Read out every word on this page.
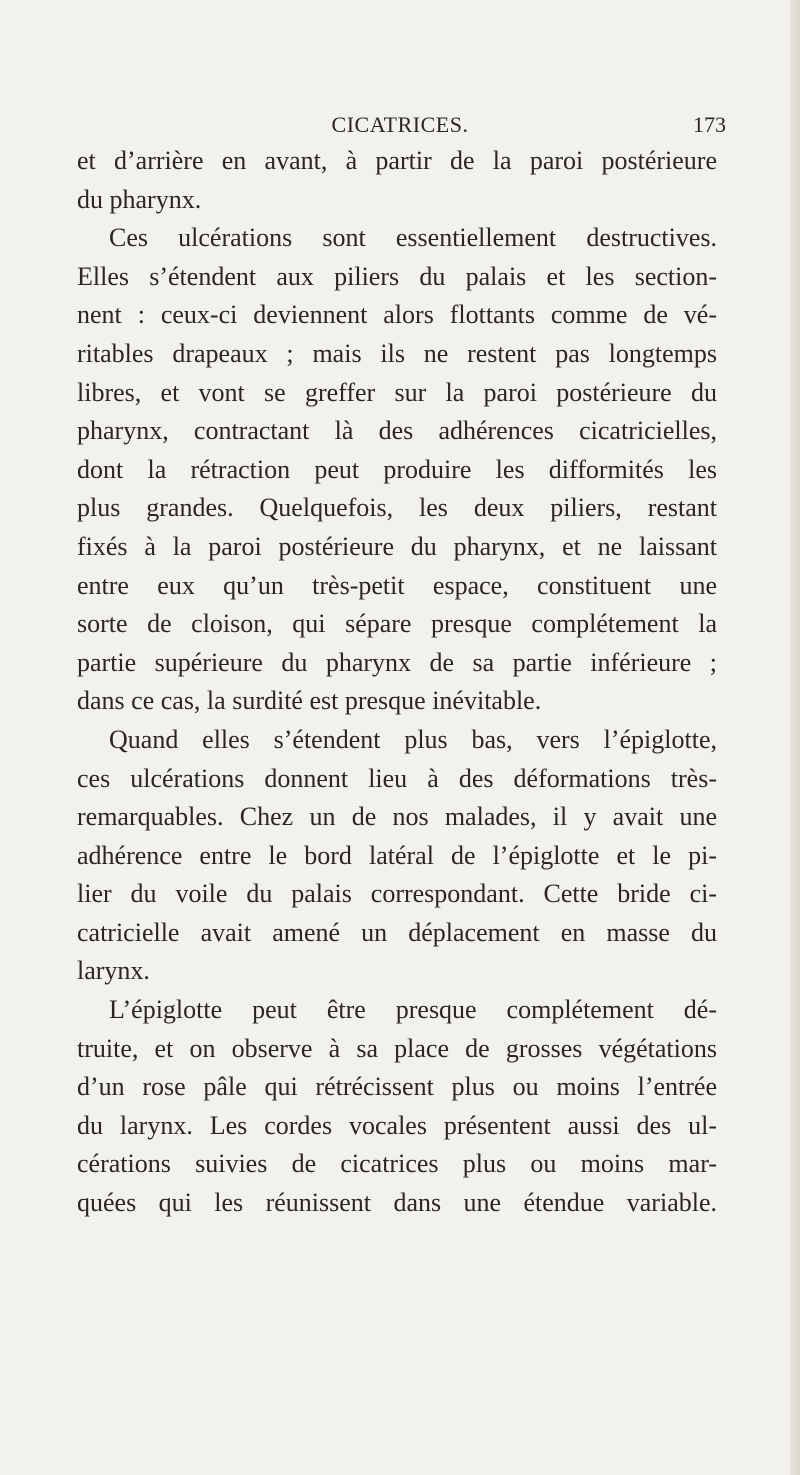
CICATRICES.	173
et d’arrière en avant, à partir de la paroi postérieure
du pharynx.
Ces ulcérations sont essentiellement destructives.
Elles s’étendent aux piliers du palais et les section-
nent : ceux-ci deviennent alors flottants comme de vé-
ritables drapeaux ; mais ils ne restent pas longtemps
libres, et vont se greffer sur la paroi postérieure du
pharynx, contractant là des adhérences cicatricielles,
dont la rétraction peut produire les difformités les
plus grandes. Quelquefois, les deux piliers, restant
fixés à la paroi postérieure du pharynx, et ne laissant
entre eux qu’un très-petit espace, constituent une
sorte de cloison, qui sépare presque complétement la
partie supérieure du pharynx de sa partie inférieure ;
dans ce cas, la surdité est presque inévitable.
Quand elles s’étendent plus bas, vers l’épiglotte,
ces ulcérations donnent lieu à des déformations très-
remarquables. Chez un de nos malades, il y avait une
adhérence entre le bord latéral de l’épiglotte et le pi-
lier du voile du palais correspondant. Cette bride ci-
catricielle avait amené un déplacement en masse du
larynx.
L’épiglotte peut être presque complétement dé-
truite, et on observe à sa place de grosses végétations
d’un rose pâle qui rétrécissent plus ou moins l’entrée
du larynx. Les cordes vocales présentent aussi des ul-
cérations suivies de cicatrices plus ou moins mar-
quées qui les réunissent dans une étendue variable.
